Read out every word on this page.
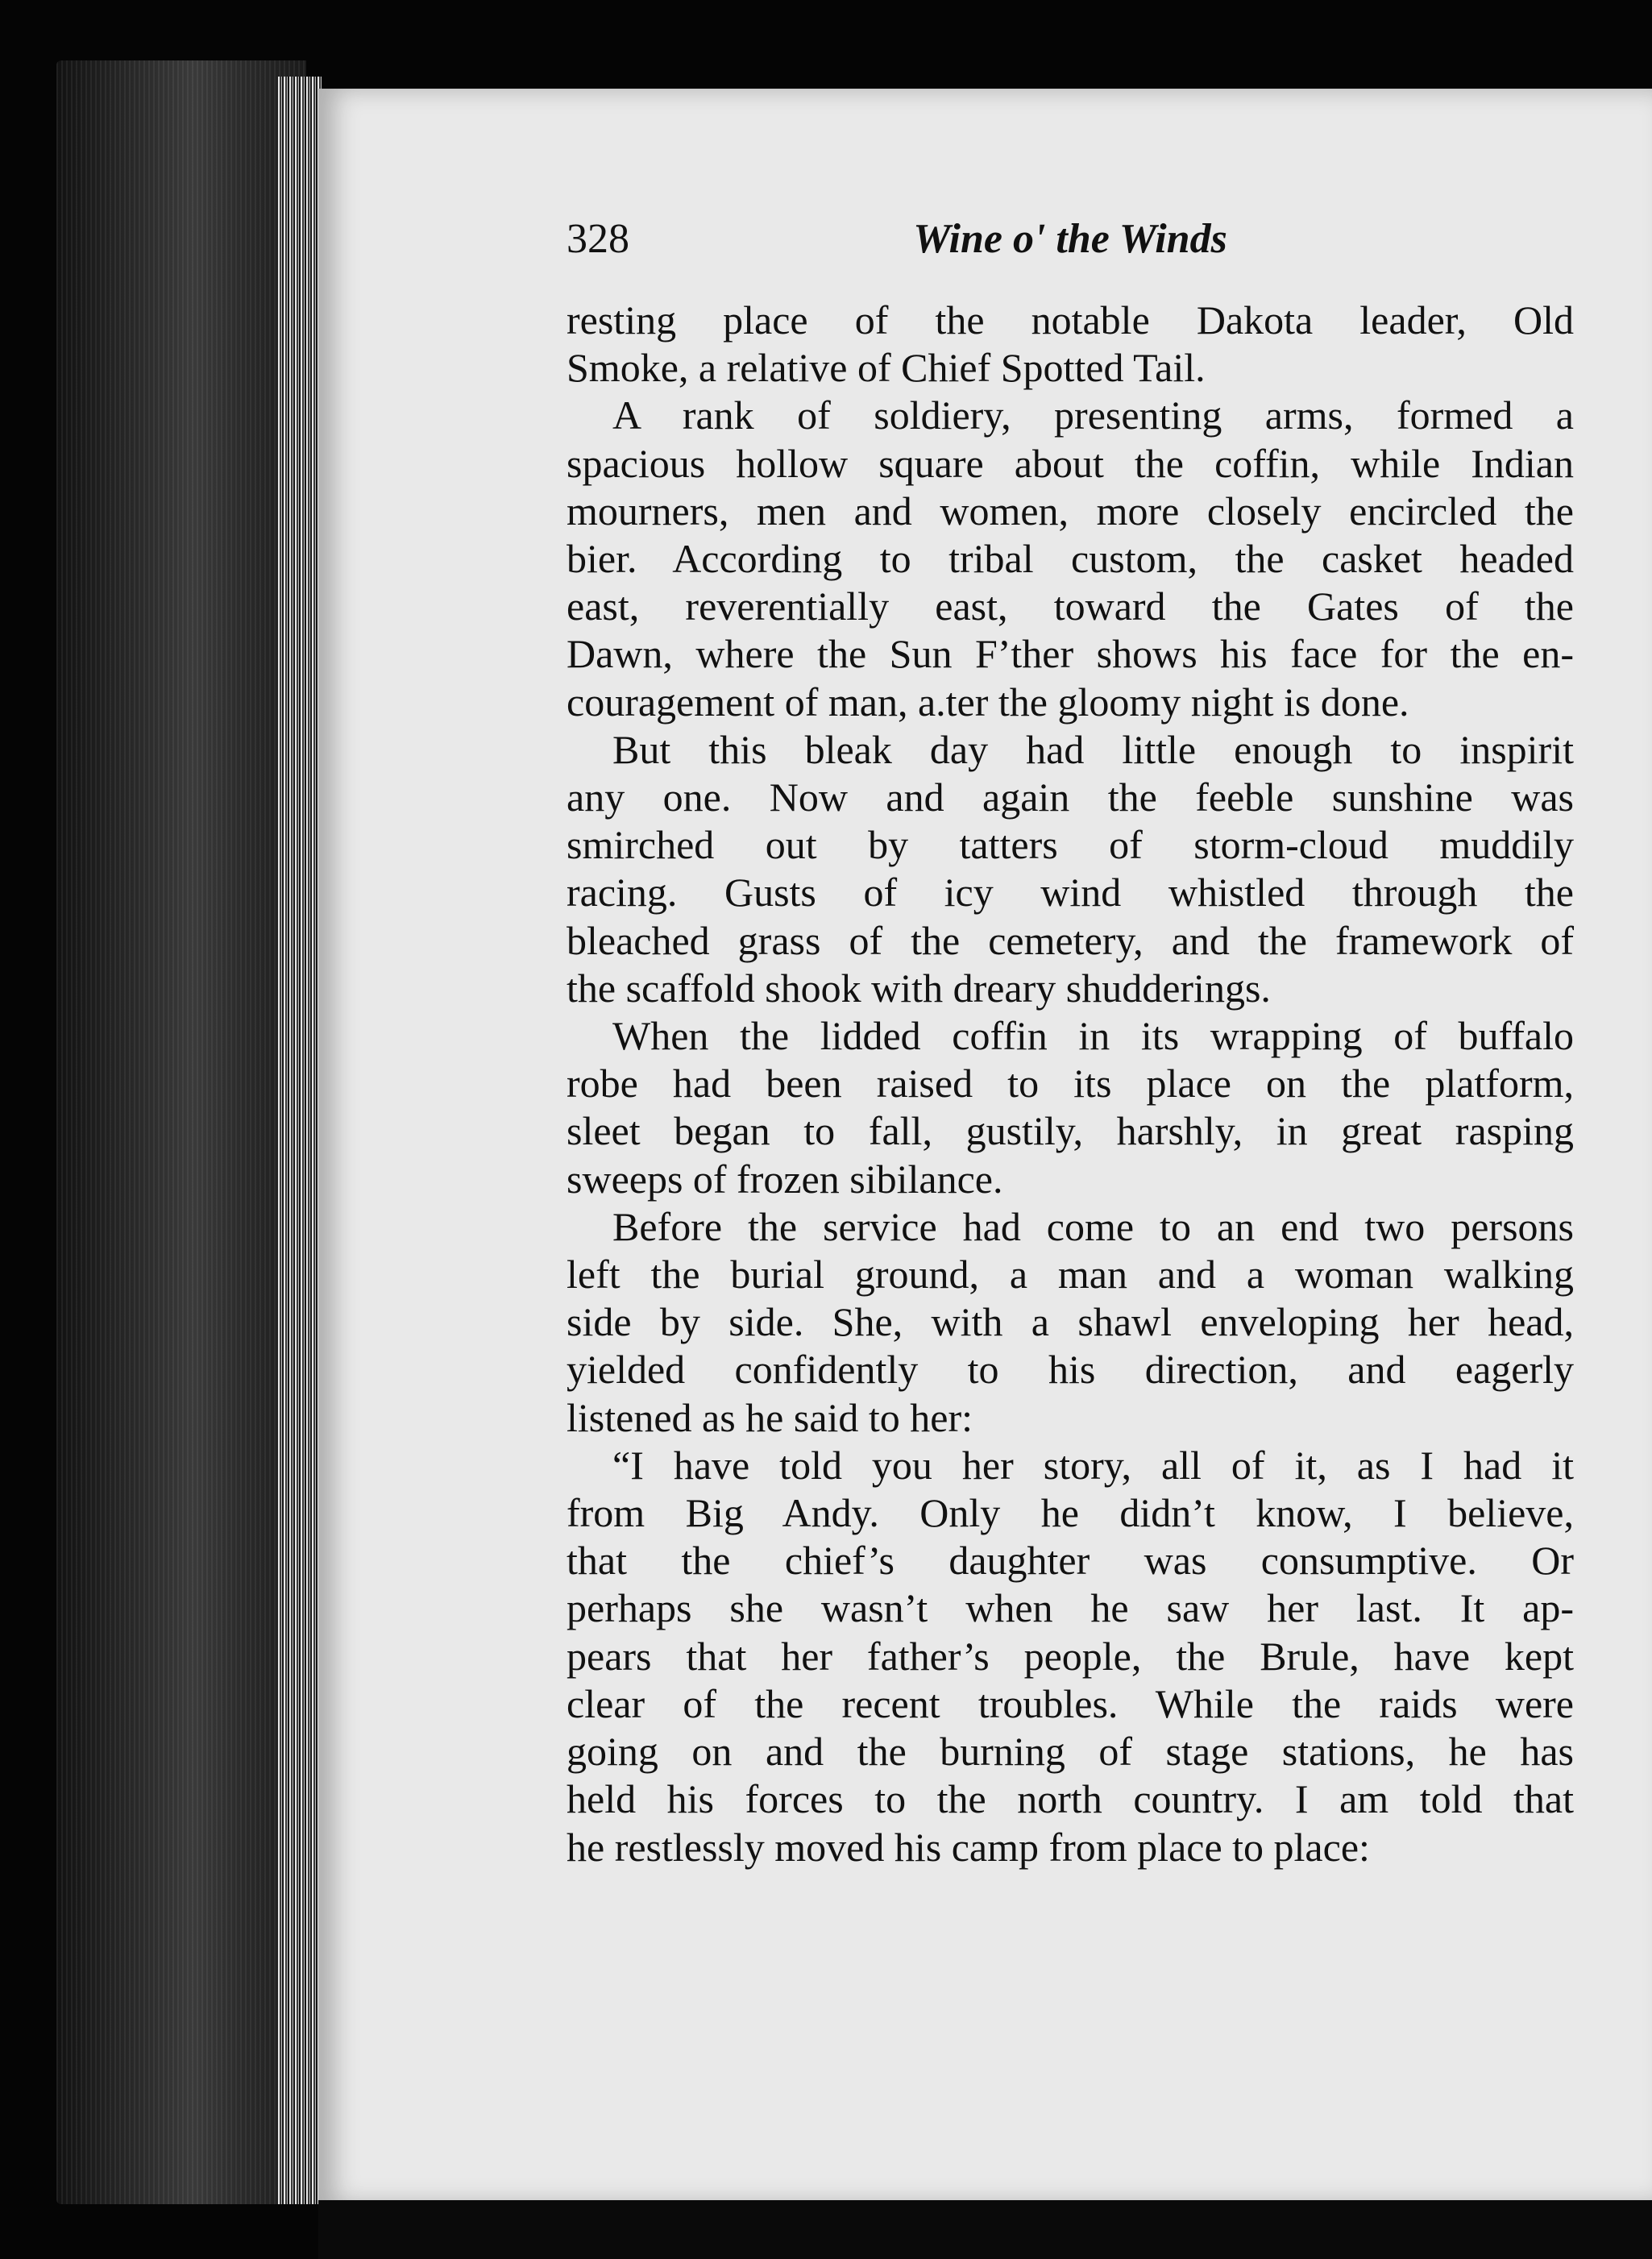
328	Wine o' the Winds
resting place of the notable Dakota leader, Old
Smoke, a relative of Chief Spotted Tail.
A rank of soldiery, presenting arms, formed a
spacious hollow square about the coffin, while Indian
mourners, men and women, more closely encircled the
bier. According to tribal custom, the casket headed
east, reverentially east, toward the Gates of the
Dawn, where the Sun Fʼther shows his face for the en-
couragement of man, a.ter the gloomy night is done.
But this bleak day had little enough to inspirit
any one. Now and again the feeble sunshine was
smirched out by tatters of storm-cloud muddily
racing. Gusts of icy wind whistled through the
bleached grass of the cemetery, and the framework of
the scaffold shook with dreary shudderings.
When the lidded coffin in its wrapping of buffalo
robe had been raised to its place on the platform,
sleet began to fall, gustily, harshly, in great rasping
sweeps of frozen sibilance.
Before the service had come to an end two persons
left the burial ground, a man and a woman walking
side by side. She, with a shawl enveloping her head,
yielded confidently to his direction, and eagerly
listened as he said to her:
“I have told you her story, all of it, as I had it
from Big Andy. Only he didn’t know, I believe,
that the chief’s daughter was consumptive. Or
perhaps she wasn’t when he saw her last. It ap-
pears that her father’s people, the Brule, have kept
clear of the recent troubles. While the raids were
going on and the burning of stage stations, he has
held his forces to the north country. I am told that
he restlessly moved his camp from place to place:
